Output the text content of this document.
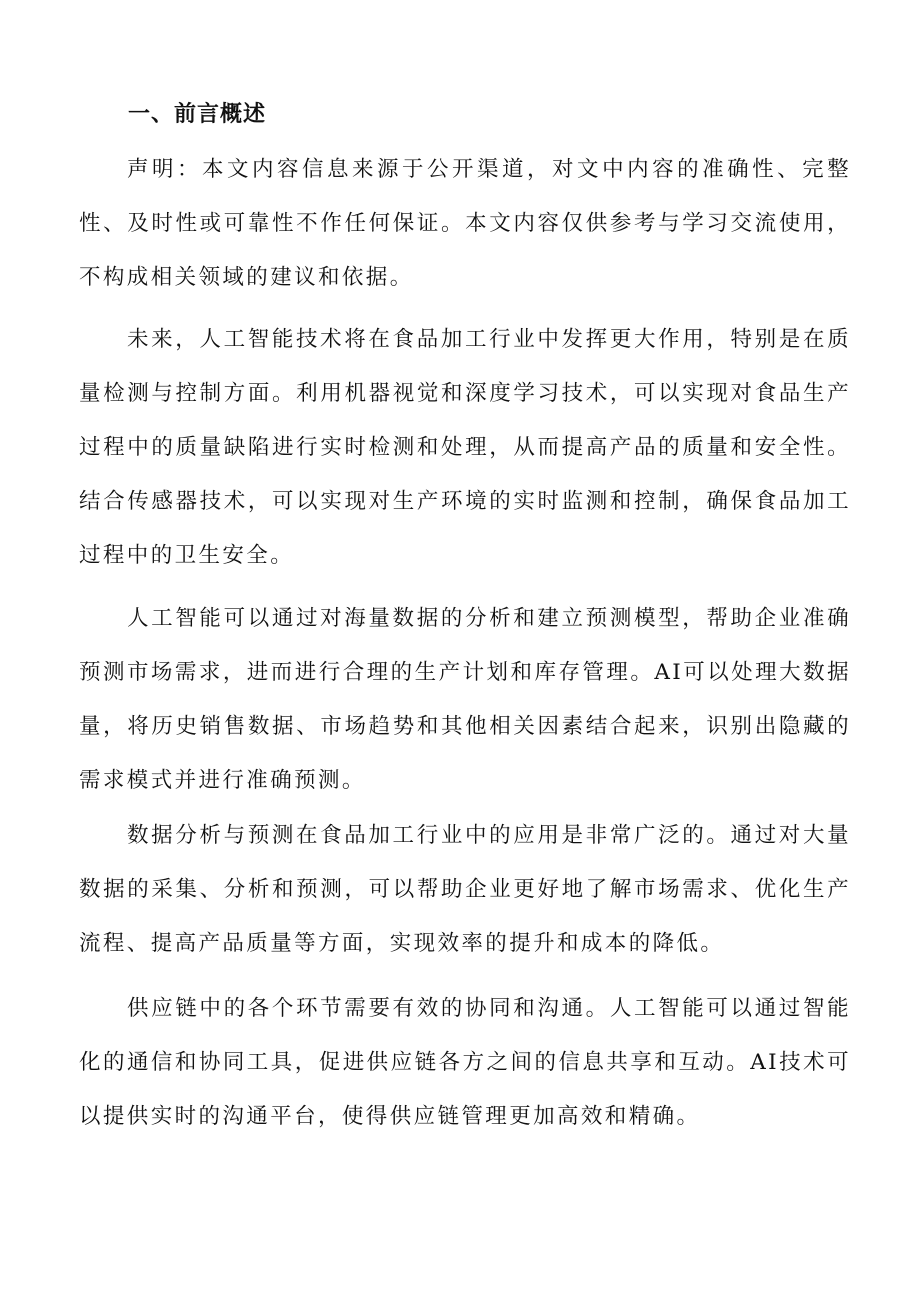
一、前言概述

声明：本文内容信息来源于公开渠道，对文中内容的准确性、完整性、及时性或可靠性不作任何保证。本文内容仅供参考与学习交流使用，不构成相关领域的建议和依据。

未来，人工智能技术将在食品加工行业中发挥更大作用，特别是在质量检测与控制方面。利用机器视觉和深度学习技术，可以实现对食品生产过程中的质量缺陷进行实时检测和处理，从而提高产品的质量和安全性。结合传感器技术，可以实现对生产环境的实时监测和控制，确保食品加工过程中的卫生安全。

人工智能可以通过对海量数据的分析和建立预测模型，帮助企业准确预测市场需求，进而进行合理的生产计划和库存管理。AI可以处理大数据量，将历史销售数据、市场趋势和其他相关因素结合起来，识别出隐藏的需求模式并进行准确预测。

数据分析与预测在食品加工行业中的应用是非常广泛的。通过对大量数据的采集、分析和预测，可以帮助企业更好地了解市场需求、优化生产流程、提高产品质量等方面，实现效率的提升和成本的降低。

供应链中的各个环节需要有效的协同和沟通。人工智能可以通过智能化的通信和协同工具，促进供应链各方之间的信息共享和互动。AI技术可以提供实时的沟通平台，使得供应链管理更加高效和精确。
